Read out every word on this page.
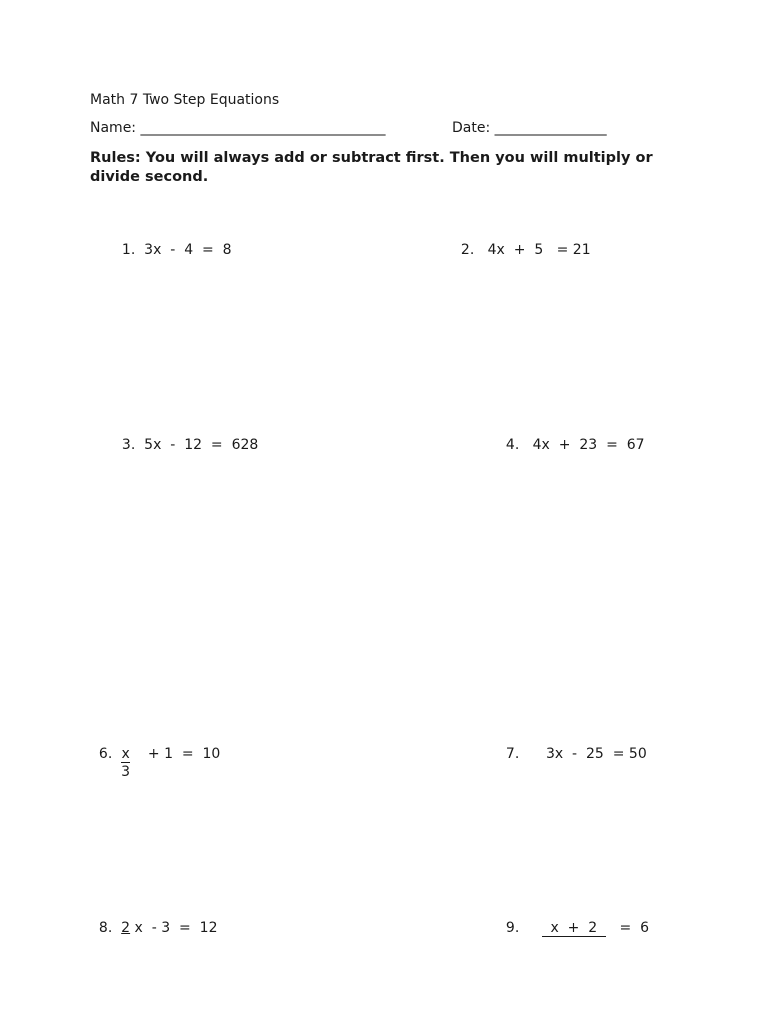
Math 7 Two Step Equations
Name: ___________________________________	Date: ________________
Rules: You will always add or subtract first. Then you will multiply or divide second.

1. 3x  -  4  =  8	2. 4x  +  5   = 21

3. 5x  -  12  =  628	4. 4x  +  23  =  67

6. $\frac{x}{3} + 1 = 10$	7. 3x  -  25  = 50

8. 2 x  - 3  =  12	9. x  +  2 =  6
